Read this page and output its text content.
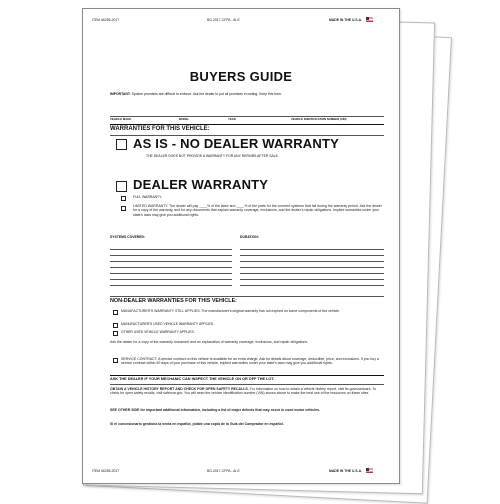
ITEM #6255-2017	BG-2017-CFPA - AI-E	MADE IN THE U.S.A.
BUYERS GUIDE
IMPORTANT: Spoken promises are difficult to enforce. Ask the dealer to put all promises in writing. Keep this form.
VEHICLE MAKE	MODEL	YEAR	VEHICLE IDENTIFICATION NUMBER (VIN)
WARRANTIES FOR THIS VEHICLE:
AS IS - NO DEALER WARRANTY
THE DEALER DOES NOT PROVIDE A WARRANTY FOR ANY REPAIRS AFTER SALE.
DEALER WARRANTY
FULL WARRANTY.
LIMITED WARRANTY. The dealer will pay ____% of the labor and ____% of the parts for the covered systems that fail during the warranty period. Ask the dealer for a copy of the warranty, and for any documents that explain warranty coverage, exclusions, and the dealer's repair obligations. Implied warranties under your state's laws may give you additional rights.
SYSTEMS COVERED:	DURATION:
NON-DEALER WARRANTIES FOR THIS VEHICLE:
MANUFACTURER'S WARRANTY STILL APPLIES. The manufacturer's original warranty has not expired on some components of the vehicle.
MANUFACTURER'S USED VEHICLE WARRANTY APPLIES.
OTHER USED VEHICLE WARRANTY APPLIES.
Ask the dealer for a copy of the warranty document and an explanation of warranty coverage, exclusions, and repair obligations.
SERVICE CONTRACT. A service contract on this vehicle is available for an extra charge. Ask for details about coverage, deductible, price, and exclusions. If you buy a service contract within 90 days of your purchase of this vehicle, implied warranties under your state's laws may give you additional rights.
ASK THE DEALER IF YOUR MECHANIC CAN INSPECT THE VEHICLE ON OR OFF THE LOT.
OBTAIN A VEHICLE HISTORY REPORT AND CHECK FOR OPEN SAFETY RECALLS. For information on how to obtain a vehicle history report, visit ftc.gov/usedcars. To check for open safety recalls, visit safercar.gov. You will need the vehicle identification number (VIN) shown above to make the best use of the resources on these sites.
SEE OTHER SIDE for important additional information, including a list of major defects that may occur in used motor vehicles.
Si el concesionario gestiona la venta en español, pídale una copia de la Guía del Comprador en español.
ITEM #6255-2017	BG-2017-CFPA - AI-E	MADE IN THE U.S.A.
